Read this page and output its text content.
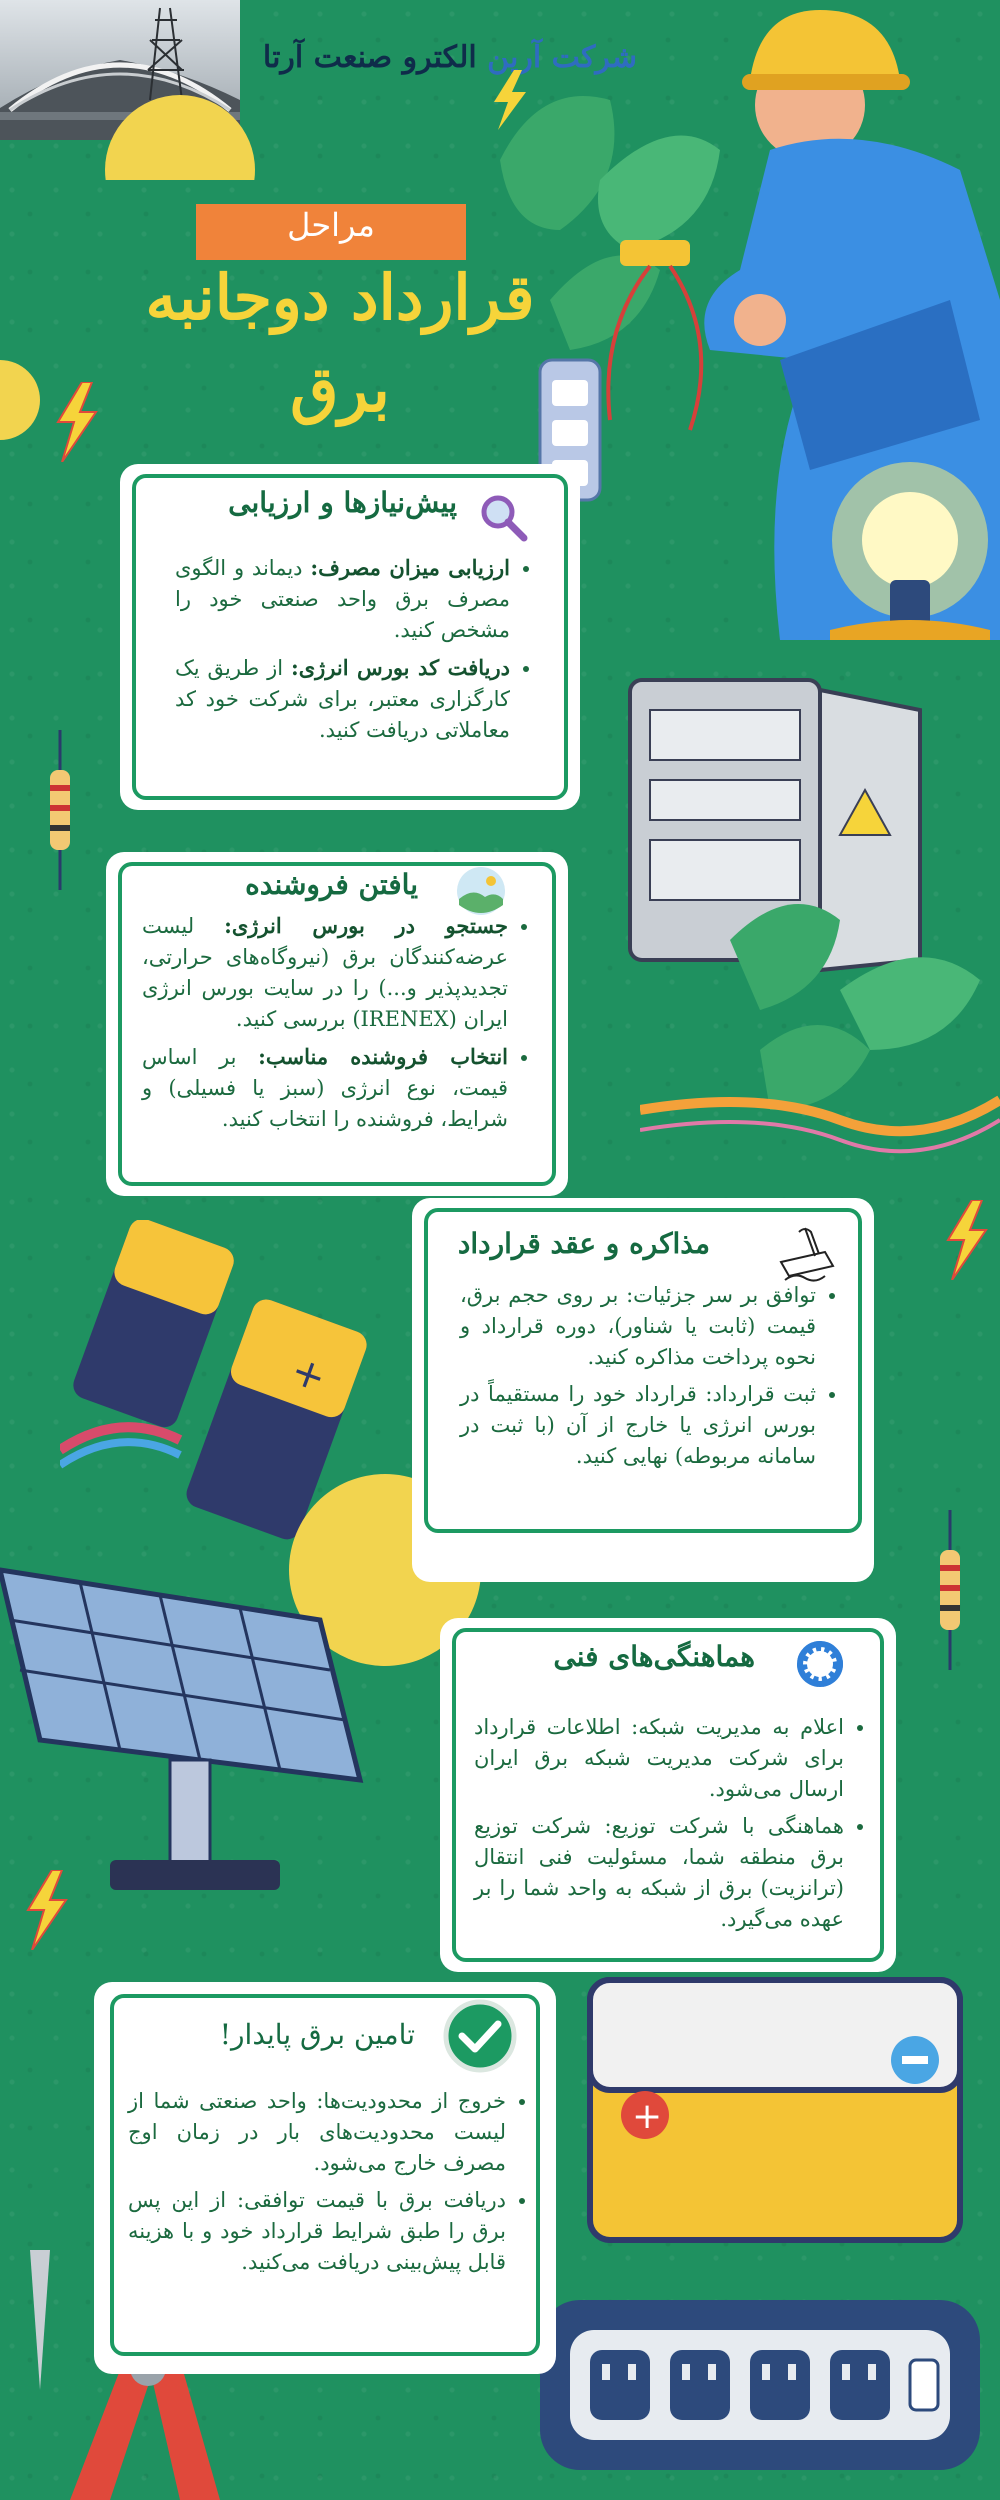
شرکت آرین الکترو صنعت آرتا
+
+
مراحل
قرارداد دوجانبه
برق
پیش‌نیازها و ارزیابی
• ارزیابی میزان مصرف: دیماند و الگوی مصرف برق واحد صنعتی خود را مشخص کنید.
• دریافت کد بورس انرژی: از طریق یک کارگزاری معتبر، برای شرکت خود کد معاملاتی دریافت کنید.
یافتن فروشنده
• جستجو در بورس انرژی: لیست عرضه‌کنندگان برق (نیروگاه‌های حرارتی، تجدیدپذیر و...) را در سایت بورس انرژی ایران (IRENEX) بررسی کنید.
• انتخاب فروشنده مناسب: بر اساس قیمت، نوع انرژی (سبز یا فسیلی) و شرایط، فروشنده را انتخاب کنید.
مذاکره و عقد قرارداد
• توافق بر سر جزئیات: بر روی حجم برق، قیمت (ثابت یا شناور)، دوره قرارداد و نحوه پرداخت مذاکره کنید.
• ثبت قرارداد: قرارداد خود را مستقیماً در بورس انرژی یا خارج از آن (با ثبت در سامانه مربوطه) نهایی کنید.
هماهنگی‌های فنی
• اعلام به مدیریت شبکه: اطلاعات قرارداد برای شرکت مدیریت شبکه برق ایران ارسال می‌شود.
• هماهنگی با شرکت توزیع: شرکت توزیع برق منطقه شما، مسئولیت فنی انتقال (ترانزیت) برق از شبکه به واحد شما را بر عهده می‌گیرد.
تامین برق پایدار!
• خروج از محدودیت‌ها: واحد صنعتی شما از لیست محدودیت‌های بار در زمان اوج مصرف خارج می‌شود.
• دریافت برق با قیمت توافقی: از این پس برق را طبق شرایط قرارداد خود و با هزینه قابل پیش‌بینی دریافت می‌کنید.
